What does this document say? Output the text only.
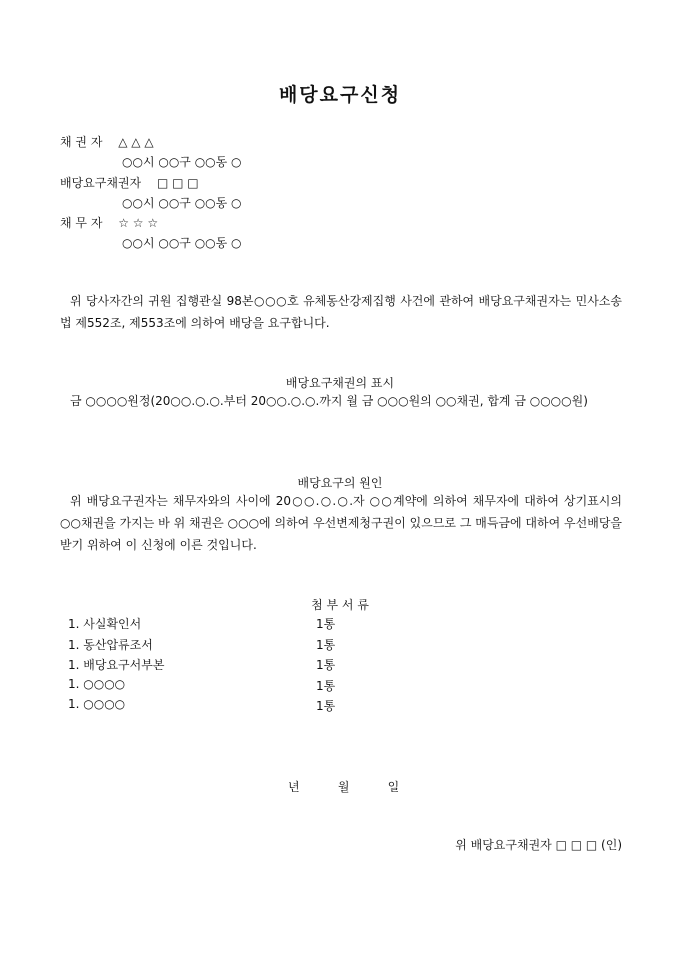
배당요구신청
채 권 자 △ △ △
○○시 ○○구 ○○동 ○
배당요구채권자 □ □ □
○○시 ○○구 ○○동 ○
채 무 자 ☆ ☆ ☆
○○시 ○○구 ○○동 ○
위 당사자간의 귀원 집행관실 98본○○○호 유체동산강제집행 사건에 관하여 배당요구채권자는 민사소송법 제552조, 제553조에 의하여 배당을 요구합니다.
배당요구채권의 표시
금 ○○○○원정(20○○.○.○.부터 20○○.○.○.까지 월 금 ○○○원의 ○○채권, 합계 금 ○○○○원)
배당요구의 원인
위 배당요구권자는 채무자와의 사이에 20○○.○.○.자 ○○계약에 의하여 채무자에 대하여 상기표시의 ○○채권을 가지는 바 위 채권은 ○○○에 의하여 우선변제청구권이 있으므로 그 매득금에 대하여 우선배당을 받기 위하여 이 신청에 이른 것입니다.
첨 부 서 류
1. 사실확인서	1통
1. 동산압류조서	1통
1. 배당요구서부본	1통
1. ○○○○	1통
1. ○○○○	1통
년	월	일
위 배당요구채권자 □ □ □ (인)
